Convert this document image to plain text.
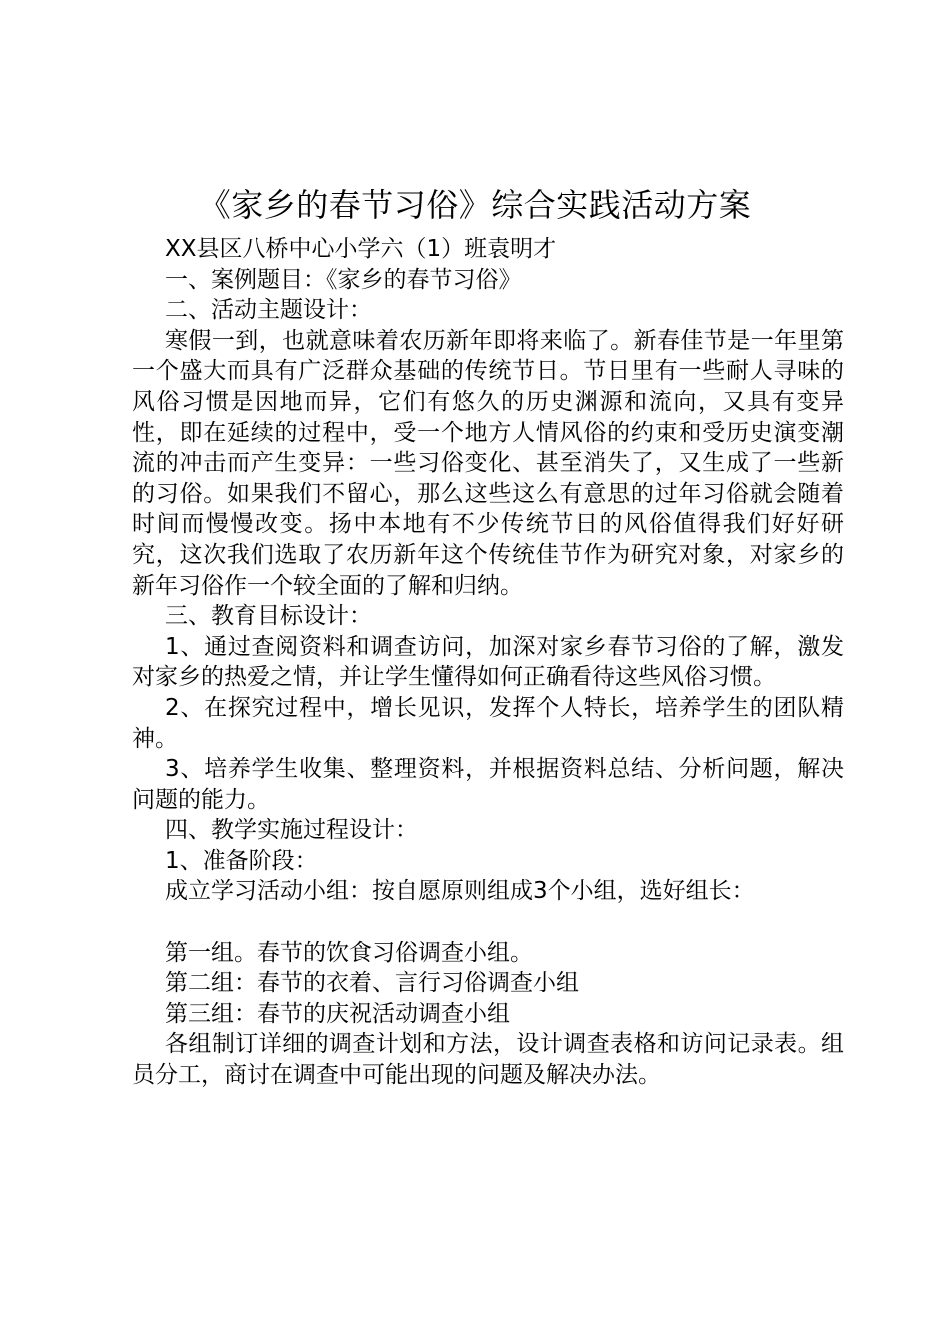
《家乡的春节习俗》综合实践活动方案

XX县区八桥中心小学六（1）班袁明才

一、案例题目：《家乡的春节习俗》

二、活动主题设计：

寒假一到，也就意味着农历新年即将来临了。新春佳节是一年里第一个盛大而具有广泛群众基础的传统节日。节日里有一些耐人寻味的风俗习惯是因地而异，它们有悠久的历史渊源和流向，又具有变异性，即在延续的过程中，受一个地方人情风俗的约束和受历史演变潮流的冲击而产生变异：一些习俗变化、甚至消失了，又生成了一些新的习俗。如果我们不留心，那么这些这么有意思的过年习俗就会随着时间而慢慢改变。扬中本地有不少传统节日的风俗值得我们好好研究，这次我们选取了农历新年这个传统佳节作为研究对象，对家乡的新年习俗作一个较全面的了解和归纳。

三、教育目标设计：

1、通过查阅资料和调查访问，加深对家乡春节习俗的了解，激发对家乡的热爱之情，并让学生懂得如何正确看待这些风俗习惯。

2、在探究过程中，增长见识，发挥个人特长，培养学生的团队精神。

3、培养学生收集、整理资料，并根据资料总结、分析问题，解决问题的能力。

四、教学实施过程设计：

1、准备阶段：

成立学习活动小组：按自愿原则组成3个小组，选好组长：

第一组。春节的饮食习俗调查小组。

第二组：春节的衣着、言行习俗调查小组

第三组：春节的庆祝活动调查小组

各组制订详细的调查计划和方法，设计调查表格和访问记录表。组员分工，商讨在调查中可能出现的问题及解决办法。
